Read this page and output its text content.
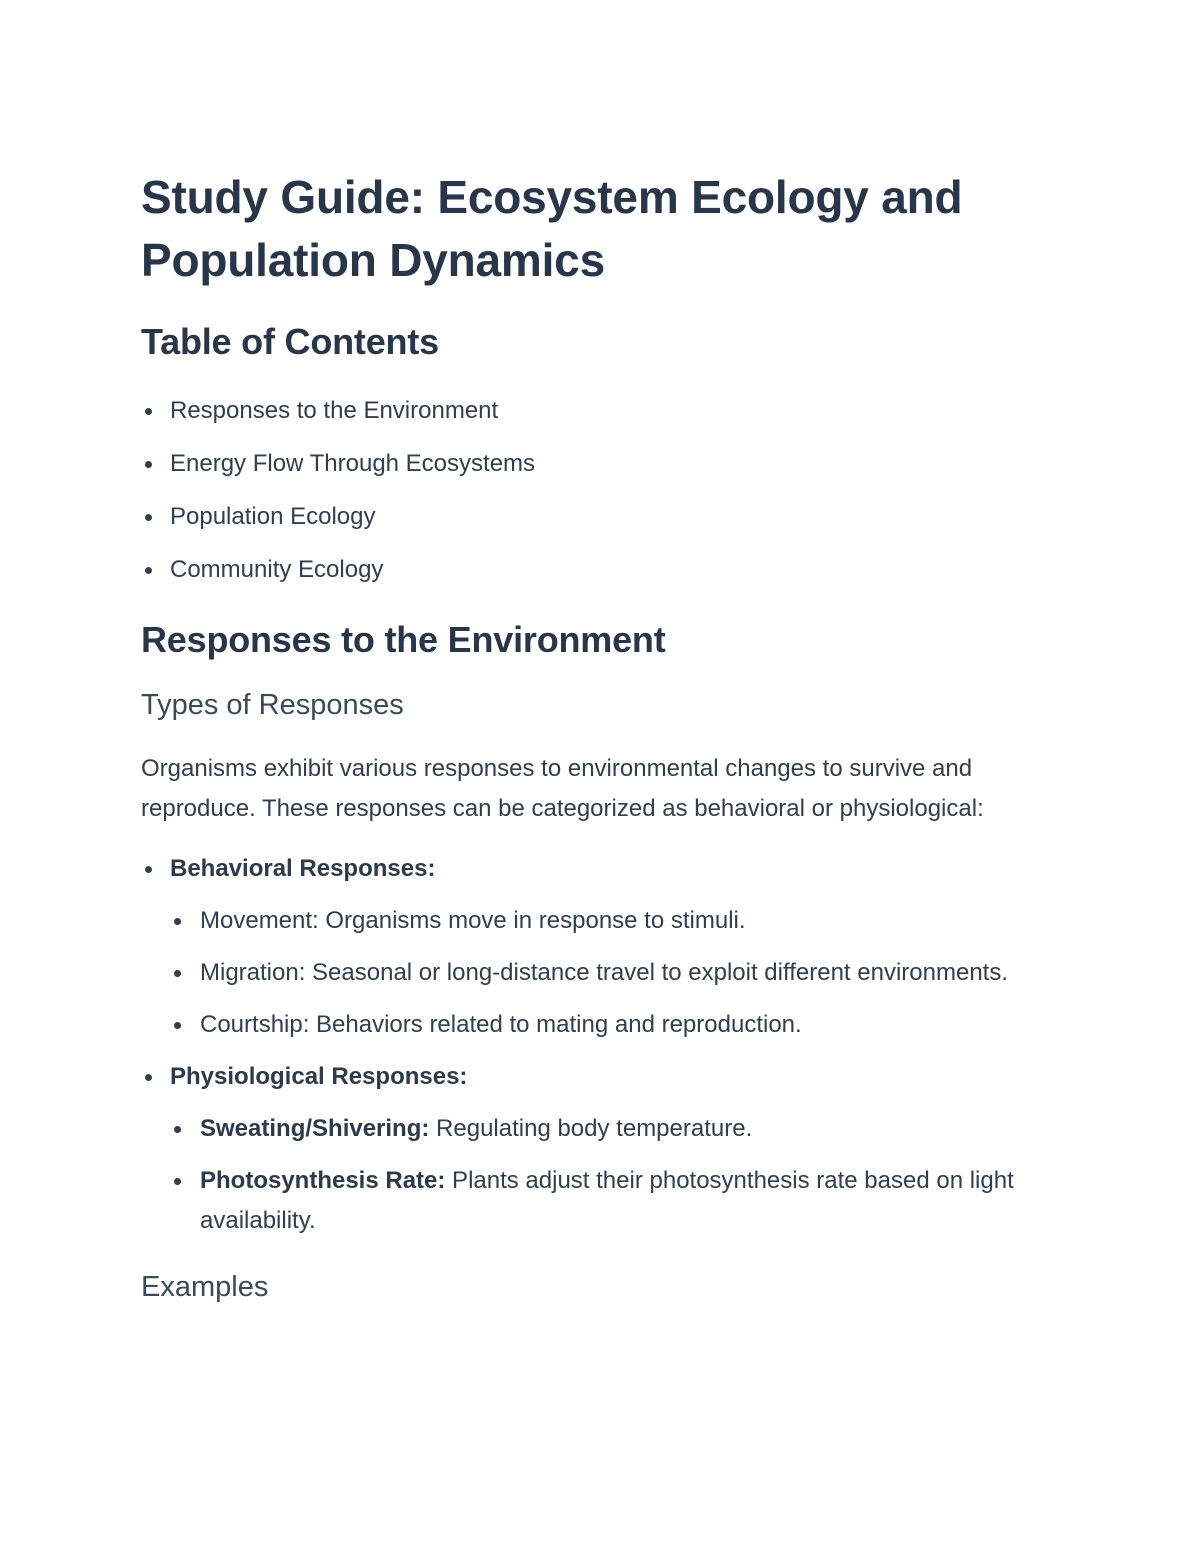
Study Guide: Ecosystem Ecology and Population Dynamics
Table of Contents
Responses to the Environment
Energy Flow Through Ecosystems
Population Ecology
Community Ecology
Responses to the Environment
Types of Responses

Organisms exhibit various responses to environmental changes to survive and reproduce. These responses can be categorized as behavioral or physiological:

Behavioral Responses:
Movement: Organisms move in response to stimuli.
Migration: Seasonal or long-distance travel to exploit different environments.
Courtship: Behaviors related to mating and reproduction.
Physiological Responses:
Sweating/Shivering: Regulating body temperature.
Photosynthesis Rate: Plants adjust their photosynthesis rate based on light availability.
Examples
